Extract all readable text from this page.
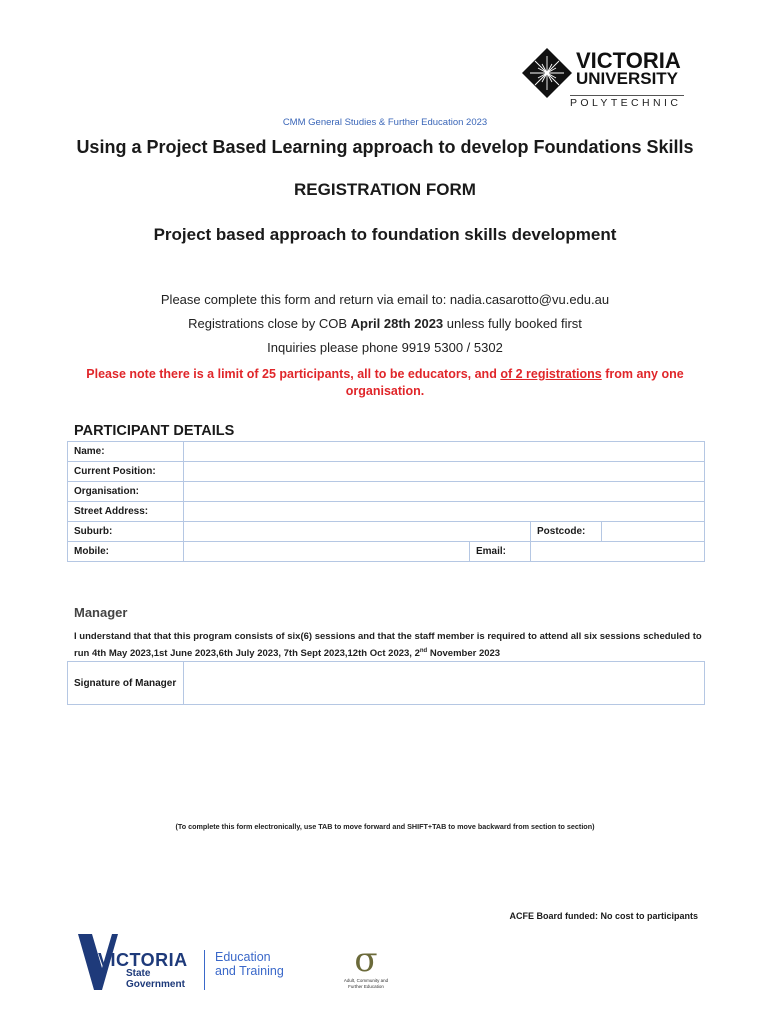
VICTORIA
UNIVERSITY
POLYTECHNIC
CMM General Studies & Further Education 2023
Using a Project Based Learning approach to develop Foundations Skills
REGISTRATION FORM
Project based approach to foundation skills development
Please complete this form and return via email to: nadia.casarotto@vu.edu.au
Registrations close by COB April 28th 2023 unless fully booked first
Inquiries please phone 9919 5300 / 5302
Please note there is a limit of 25 participants, all to be educators, and of 2 registrations from any one organisation.
PARTICIPANT DETAILS
Name:				
Current Position:				
Organisation:				
Street Address:				
Suburb:			Postcode:	
Mobile:		Email:		
Manager
I understand that that this program consists of six(6) sessions and that the staff member is required to attend all six sessions scheduled to run 4th May 2023,1st June 2023,6th July 2023, 7th Sept 2023,12th Oct 2023, 2nd November 2023
Signature of Manager	
(To complete this form electronically, use TAB to move forward and SHIFT+TAB to move backward from section to section)
ACFE Board funded: No cost to participants
VICTORIA
State
Government
Education
and Training	σ
Adult, Community and
Further Education
